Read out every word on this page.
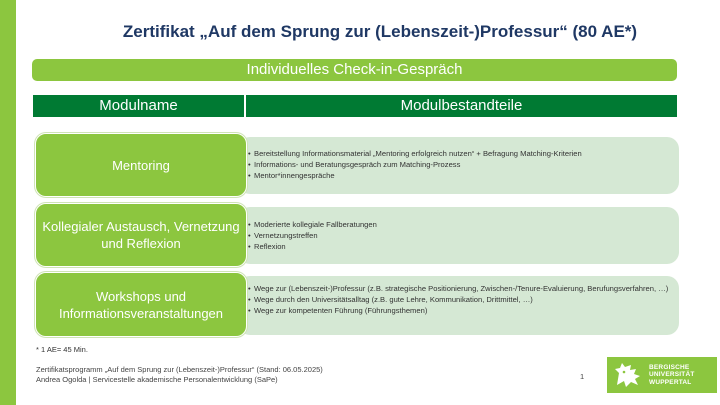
Zertifikat „Auf dem Sprung zur (Lebenszeit-)Professur“ (80 AE*)
Individuelles Check-in-Gespräch
Modulname	Modulbestandteile
Mentoring
• Bereitstellung Informationsmaterial „Mentoring erfolgreich nutzen“ + Befragung Matching-Kriterien
• Informations- und Beratungsgespräch zum Matching-Prozess
• Mentor*innengespräche
Kollegialer Austausch, Vernetzung und Reflexion
• Moderierte kollegiale Fallberatungen
• Vernetzungstreffen
• Reflexion
Workshops und Informationsveranstaltungen
• Wege zur (Lebenszeit-)Professur (z.B. strategische Positionierung, Zwischen-/Tenure-Evaluierung, Berufungsverfahren, …)
• Wege durch den Universitätsalltag (z.B. gute Lehre, Kommunikation, Drittmittel, …)
• Wege zur kompetenten Führung (Führungsthemen)
* 1 AE= 45 Min.
Zertifikatsprogramm „Auf dem Sprung zur (Lebenszeit-)Professur“ (Stand: 06.05.2025)
Andrea Ogolda | Servicestelle akademische Personalentwicklung (SaPe)	1
BERGISCHE
UNIVERSITÄT
WUPPERTAL
